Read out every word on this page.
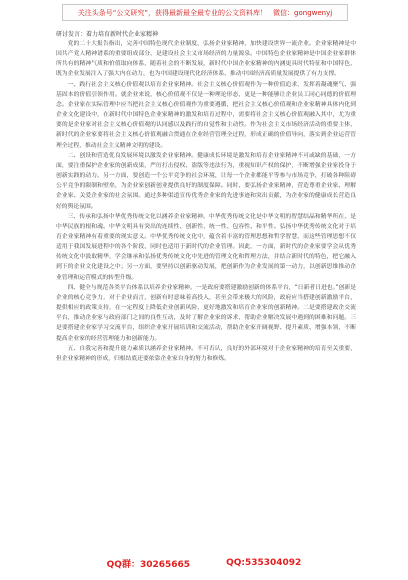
关注头条号“公文研究”，获得最新最全最专业的公文资料库！ 微信：gongwenyj
研讨发言：着力培育新时代企业家精神

党的二十大报告指出，完善中国特色现代企业制度，弘扬企业家精神，加快建设世界一流企业。企业家精神是中国共产党人精神谱系的重要组成部分，是建设社会主义市场经济的力量源泉。中国特色企业家精神是中国企业家群体所共有的精神气质和价值取向体系，随着社会的不断发展，新时代中国企业家精神的内涵更具时代特征和中国特色，既为企业发展注入了强大内在动力，也为中国建设现代化经济体系、推动中国经济高质量发展提供了有力支撑。

一、践行社会主义核心价值观以培育企业家精神。社会主义核心价值观作为一种价值追求，发挥着凝魂聚气、强基固本的价值引领作用。就企业来说，核心价值观不仅是一种理论形态，更是一种能够让企业员工同心同德的价值理念。企业家在实际管理中应当把社会主义核心价值观作为重要遵循，把社会主义核心价值观和企业家精神具体内化到企业文化建设中，在新时代中国特色企业家精神的激发和培育过程中，需要将社会主义核心价值观融入其中，尤为重要的是企业家对社会主义核心价值观的认同感以及践行的自觉性和主动性。作为社会主义市场经济活动的重要主体，新时代的企业家要将社会主义核心价值观融合贯通在企业经营管理全过程，形成正确的价值导向，落实到企业运营管理全过程，推动社会主义精神文明的建设。

二、创设和营造优良发展环境以激发企业家精神。健康成长环境是激发和培育企业家精神不可或缺的基础，一方面，要注重保护企业家的创新成果，严厉打击侵权、盗版等违法行为，重视知识产权的保护，不断增强企业家投身于创新实践的动力。另一方面，要创造一个公平竞争的社会环境，让每一个企业都能平等参与市场竞争，打破各种阻碍公平竞争的限制和壁垒，为企业家创新创业提供良好的制度保障。同时，要弘扬企业家精神，营造尊重企业家、理解企业家、关爱企业家的社会氛围。通过多种渠道宣传优秀企业家的先进事迹和突出贡献，为企业家的健康成长营造良好的舆论氛围。

三、传承和弘扬中华优秀传统文化以涵养企业家精神。中华优秀传统文化是中华文明的智慧结晶和精华所在，是中华民族的根和魂。中华文明具有突出的连续性、创新性、统一性、包容性、和平性。弘扬中华优秀传统文化对于培育企业家精神有着重要的现实意义。中华优秀传统文化中，蕴含着丰富的管理思想和哲学智慧，而这些管理思想不仅适用于我国发展进程中的各个阶段，同时也适用于新时代的企业管理。因此，一方面，新时代的企业家要学会从优秀传统文化中汲取精华，学会继承和弘扬优秀传统文化中先进的管理文化和哲理方法，并结合新时代的特色，把它融入到下的企业文化建设之中；另一方面，要坚持以创新驱动发展，把创新作为企业发展的第一动力，以创新思维推动企业管理和运营模式的转型升级。

四、健全与规范各类平台体系以培养企业家精神。一是政府要搭建激励创新的体系平台，“日新者日进也。”创新是企业的核心竞争力，对于企业而言，创新有时意味着高投入，甚至会带来极大的风险，政府应当搭建创新激励平台，提供相应的政策支持，在一定程度上降低企业创新风险，更好地激发和培育企业家的创新精神。二是要搭建政企交流平台，推动企业家与政府部门之间的良性互动，及时了解企业家的诉求，帮助企业解决发展中遇到的困难和问题。三是要搭建企业家学习交流平台，组织企业家开展培训和交流活动，帮助企业家开阔视野、提升素质、增强本领，不断提高企业家的经营管理能力和创新能力。

五、自我完善和提升能力素质以涵养企业家精神。不可否认，良好的外部环境对于企业家精神的培育至关重要，但企业家精神的形成，归根结底还要依靠企业家自身的努力和修炼。

QQ群：30265665	QQ:535304092
